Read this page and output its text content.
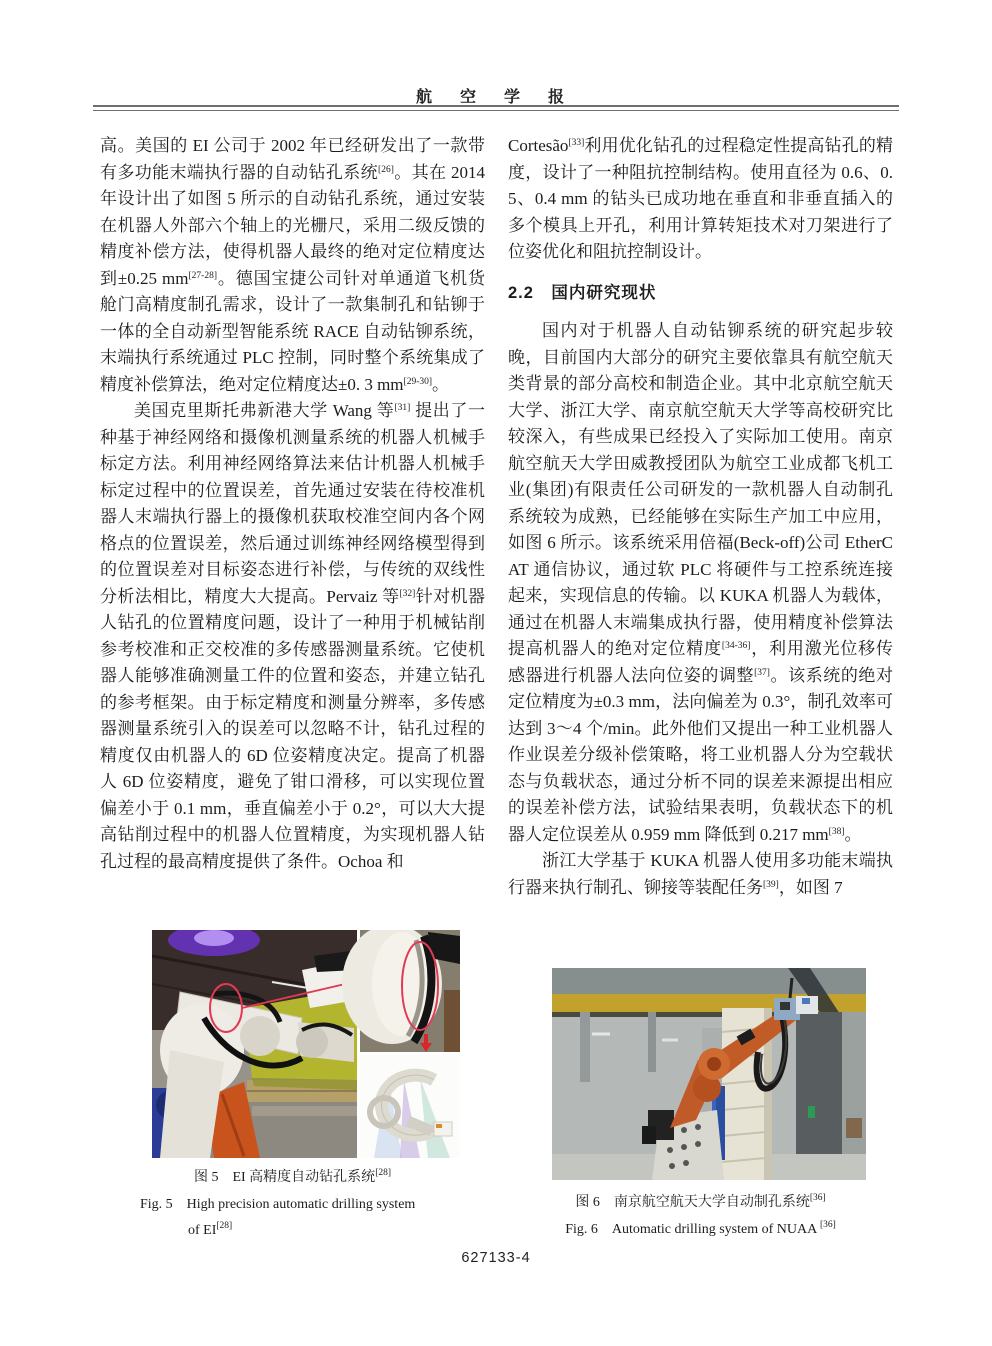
航 空 学 报

高。美国的 EI 公司于 2002 年已经研发出了一款带有多功能末端执行器的自动钻孔系统[26]。其在 2014 年设计出了如图 5 所示的自动钻孔系统，通过安装在机器人外部六个轴上的光栅尺，采用二级反馈的精度补偿方法，使得机器人最终的绝对定位精度达到±0.25 mm[27-28]。德国宝捷公司针对单通道飞机货舱门高精度制孔需求，设计了一款集制孔和钻铆于一体的全自动新型智能系统 RACE 自动钻铆系统，末端执行系统通过 PLC 控制，同时整个系统集成了精度补偿算法，绝对定位精度达±0. 3 mm[29-30]。

美国克里斯托弗新港大学 Wang 等[31] 提出了一种基于神经网络和摄像机测量系统的机器人机械手标定方法。利用神经网络算法来估计机器人机械手标定过程中的位置误差，首先通过安装在待校准机器人末端执行器上的摄像机获取校准空间内各个网格点的位置误差，然后通过训练神经网络模型得到的位置误差对目标姿态进行补偿，与传统的双线性分析法相比，精度大大提高。Pervaiz 等[32]针对机器人钻孔的位置精度问题，设计了一种用于机械钻削参考校准和正交校准的多传感器测量系统。它使机器人能够准确测量工件的位置和姿态，并建立钻孔的参考框架。由于标定精度和测量分辨率，多传感器测量系统引入的误差可以忽略不计，钻孔过程的精度仅由机器人的 6D 位姿精度决定。提高了机器人 6D 位姿精度，避免了钳口滑移，可以实现位置偏差小于 0.1 mm，垂直偏差小于 0.2°，可以大大提高钻削过程中的机器人位置精度，为实现机器人钻孔过程的最高精度提供了条件。Ochoa 和

图 5　EI 高精度自动钻孔系统[28]
Fig. 5　High precision automatic drilling system
of EI[28]

Cortesão[33]利用优化钻孔的过程稳定性提高钻孔的精度，设计了一种阻抗控制结构。使用直径为 0.6、0.5、0.4 mm 的钻头已成功地在垂直和非垂直插入的多个模具上开孔，利用计算转矩技术对刀架进行了位姿优化和阻抗控制设计。

2.2　国内研究现状

国内对于机器人自动钻铆系统的研究起步较晚，目前国内大部分的研究主要依靠具有航空航天类背景的部分高校和制造企业。其中北京航空航天大学、浙江大学、南京航空航天大学等高校研究比较深入，有些成果已经投入了实际加工使用。南京航空航天大学田威教授团队为航空工业成都飞机工业(集团)有限责任公司研发的一款机器人自动制孔系统较为成熟，已经能够在实际生产加工中应用，如图 6 所示。该系统采用倍福(Beck-off)公司 EtherCAT 通信协议，通过软 PLC 将硬件与工控系统连接起来，实现信息的传输。以 KUKA 机器人为载体，通过在机器人末端集成执行器，使用精度补偿算法提高机器人的绝对定位精度[34-36]，利用激光位移传感器进行机器人法向位姿的调整[37]。该系统的绝对定位精度为±0.3 mm，法向偏差为 0.3°，制孔效率可达到 3～4 个/min。此外他们又提出一种工业机器人作业误差分级补偿策略，将工业机器人分为空载状态与负载状态，通过分析不同的误差来源提出相应的误差补偿方法，试验结果表明，负载状态下的机器人定位误差从 0.959 mm 降低到 0.217 mm[38]。

浙江大学基于 KUKA 机器人使用多功能末端执行器来执行制孔、铆接等装配任务[39]，如图 7

图 6　南京航空航天大学自动制孔系统[36]
Fig. 6　Automatic drilling system of NUAA [36]
627133-4
